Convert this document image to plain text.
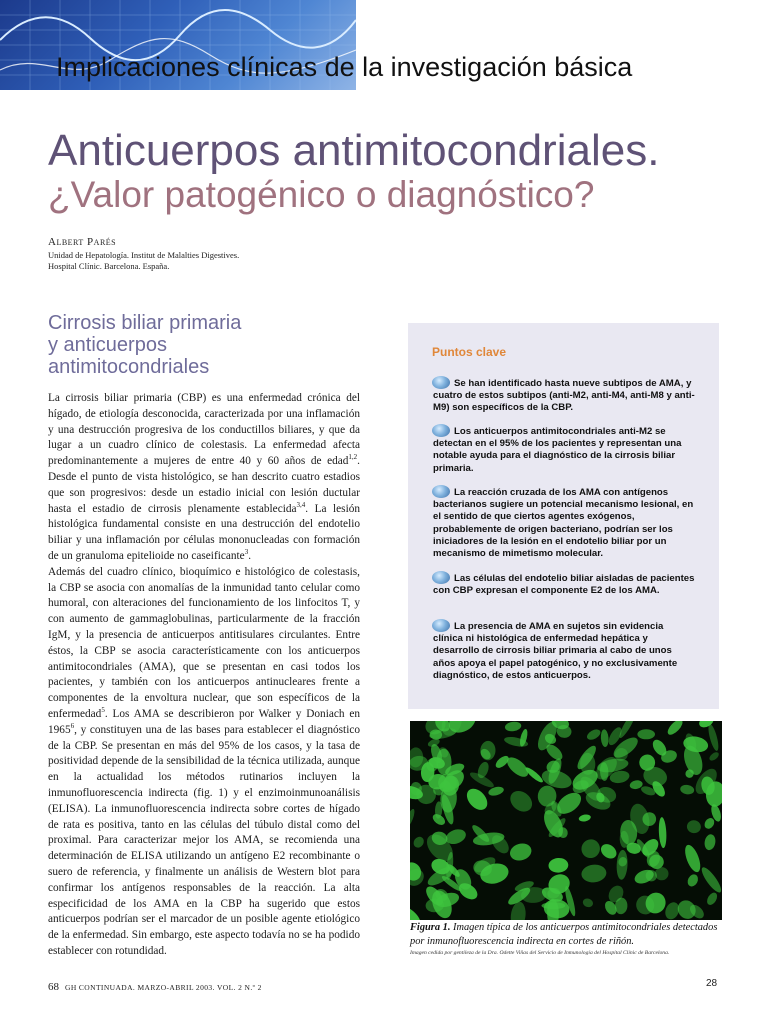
Implicaciones clínicas de la investigación básica
Anticuerpos antimitocondriales.
¿Valor patogénico o diagnóstico?
Albert Parés
Unidad de Hepatología. Institut de Malalties Digestives.
Hospital Clínic. Barcelona. España.
Cirrosis biliar primaria
y anticuerpos
antimitocondriales

La cirrosis biliar primaria (CBP) es una enfermedad crónica del hígado, de etiología desconocida, caracterizada por una inflamación y una destrucción progresiva de los conductillos biliares, y que da lugar a un cuadro clínico de colestasis. La enfermedad afecta predominantemente a mujeres de entre 40 y 60 años de edad$^{1,2}$. Desde el punto de vista histológico, se han descrito cuatro estadios que son progresivos: desde un estadio inicial con lesión ductular hasta el estadio de cirrosis plenamente establecida$^{3,4}$. La lesión histológica fundamental consiste en una destrucción del endotelio biliar y una inflamación por células mononucleadas con formación de un granuloma epitelioide no caseificante$^3$.

Además del cuadro clínico, bioquímico e histológico de colestasis, la CBP se asocia con anomalías de la inmunidad tanto celular como humoral, con alteraciones del funcionamiento de los linfocitos T, y con aumento de gammaglobulinas, particularmente de la fracción IgM, y la presencia de anticuerpos antitisulares circulantes. Entre éstos, la CBP se asocia característicamente con los anticuerpos antimitocondriales (AMA), que se presentan en casi todos los pacientes, y también con los anticuerpos antinucleares frente a componentes de la envoltura nuclear, que son específicos de la enfermedad$^5$. Los AMA se describieron por Walker y Doniach en 1965$^6$, y constituyen una de las bases para establecer el diagnóstico de la CBP. Se presentan en más del 95% de los casos, y la tasa de positividad depende de la sensibilidad de la técnica utilizada, aunque en la actualidad los métodos rutinarios incluyen la inmunofluorescencia indirecta (fig. 1) y el enzimoinmunoanálisis (ELISA). La inmunofluorescencia indirecta sobre cortes de hígado de rata es positiva, tanto en las células del túbulo distal como del proximal. Para caracterizar mejor los AMA, se recomienda una determinación de ELISA utilizando un antígeno E2 recombinante o suero de referencia, y finalmente un análisis de Western blot para confirmar los antígenos responsables de la reacción. La alta especificidad de los AMA en la CBP ha sugerido que estos anticuerpos podrían ser el marcador de un posible agente etiológico de la enfermedad. Sin embargo, este aspecto todavía no se ha podido establecer con rotundidad.

Puntos clave
Se han identificado hasta nueve subtipos de AMA, y cuatro de estos subtipos (anti-M2, anti-M4, anti-M8 y anti-M9) son específicos de la CBP.
Los anticuerpos antimitocondriales anti-M2 se detectan en el 95% de los pacientes y representan una notable ayuda para el diagnóstico de la cirrosis biliar primaria.
La reacción cruzada de los AMA con antígenos bacterianos sugiere un potencial mecanismo lesional, en el sentido de que ciertos agentes exógenos, probablemente de origen bacteriano, podrían ser los iniciadores de la lesión en el endotelio biliar por un mecanismo de mimetismo molecular.
Las células del endotelio biliar aisladas de pacientes con CBP expresan el componente E2 de los AMA.
La presencia de AMA en sujetos sin evidencia clínica ni histológica de enfermedad hepática y desarrollo de cirrosis biliar primaria al cabo de unos años apoya el papel patogénico, y no exclusivamente diagnóstico, de estos anticuerpos.
Figura 1. Imagen típica de los anticuerpos antimitocondriales detectados por inmunofluorescencia indirecta en cortes de riñón.
Imagen cedida por gentileza de la Dra. Odette Viñas del Servicio de Inmunología del Hospital Clínic de Barcelona.
68 GH CONTINUADA. MARZO-ABRIL 2003. VOL. 2 N.º 2	28
